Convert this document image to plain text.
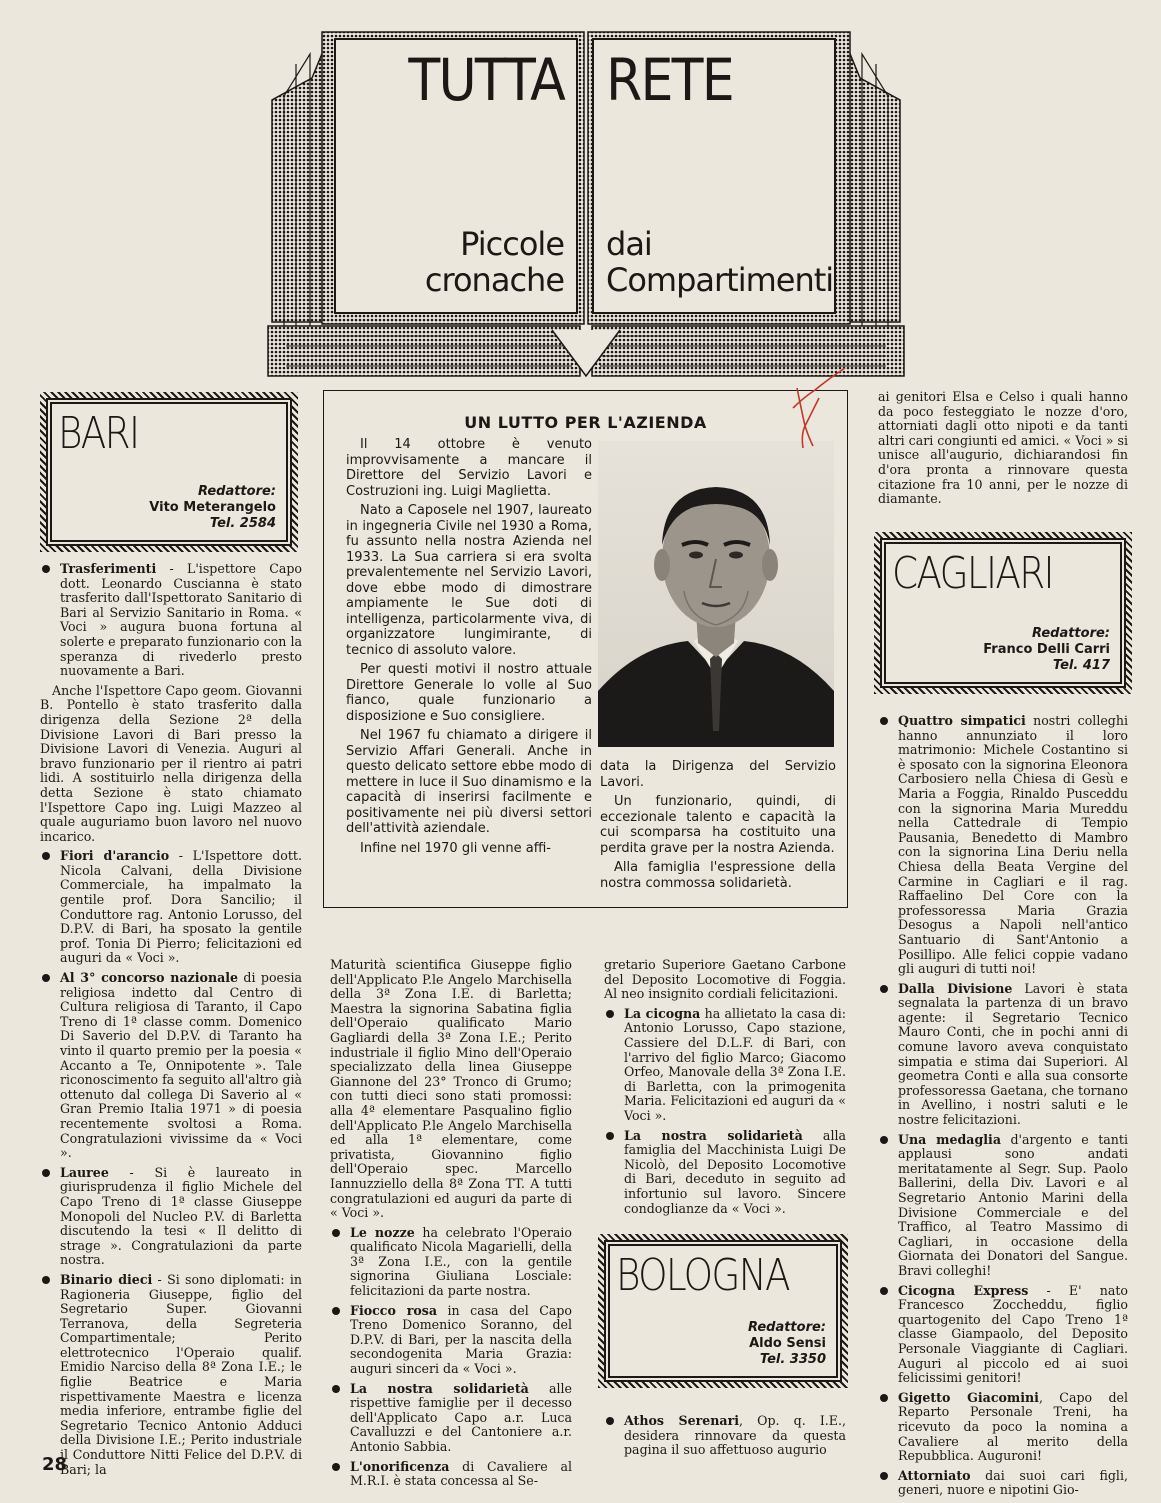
TUTTA
Piccole
cronache
RETE
dai
Compartimenti
BARI
Redattore:
Vito Meterangelo
Tel. 2584

Trasferimenti - L'ispettore Capo dott. Leonardo Cuscianna è stato trasferito dall'Ispettorato Sanitario di Bari al Servizio Sanitario in Roma. « Voci » augura buona fortuna al solerte e preparato funzionario con la speranza di rivederlo presto nuovamente a Bari.

Anche l'Ispettore Capo geom. Giovanni B. Pontello è stato trasferito dalla dirigenza della Sezione 2ª della Divisione Lavori di Bari presso la Divisione Lavori di Venezia. Auguri al bravo funzionario per il rientro ai patri lidi. A sostituirlo nella dirigenza della detta Sezione è stato chiamato l'Ispettore Capo ing. Luigi Mazzeo al quale auguriamo buon lavoro nel nuovo incarico.

Fiori d'arancio - L'Ispettore dott. Nicola Calvani, della Divisione Commerciale, ha impalmato la gentile prof. Dora Sancilio; il Conduttore rag. Antonio Lorusso, del D.P.V. di Bari, ha sposato la gentile prof. Tonia Di Pierro; felicitazioni ed auguri da « Voci ».

Al 3° concorso nazionale di poesia religiosa indetto dal Centro di Cultura religiosa di Taranto, il Capo Treno di 1ª classe comm. Domenico Di Saverio del D.P.V. di Taranto ha vinto il quarto premio per la poesia « Accanto a Te, Onnipotente ». Tale riconoscimento fa seguito all'altro già ottenuto dal collega Di Saverio al « Gran Premio Italia 1971 » di poesia recentemente svoltosi a Roma. Congratulazioni vivissime da « Voci ».

Lauree - Si è laureato in giurisprudenza il figlio Michele del Capo Treno di 1ª classe Giuseppe Monopoli del Nucleo P.V. di Barletta discutendo la tesi « Il delitto di strage ». Congratulazioni da parte nostra.

Binario dieci - Si sono diplomati: in Ragioneria Giuseppe, figlio del Segretario Super. Giovanni Terranova, della Segreteria Compartimentale; Perito elettrotecnico l'Operaio qualif. Emidio Narciso della 8ª Zona I.E.; le figlie Beatrice e Maria rispettivamente Maestra e licenza media inferiore, entrambe figlie del Segretario Tecnico Antonio Adduci della Divisione I.E.; Perito industriale il Conduttore Nitti Felice del D.P.V. di Bari; la

UN LUTTO PER L'AZIENDA

Il 14 ottobre è venuto improvvisamente a mancare il Direttore del Servizio Lavori e Costruzioni ing. Luigi Maglietta.

Nato a Caposele nel 1907, laureato in ingegneria Civile nel 1930 a Roma, fu assunto nella nostra Azienda nel 1933. La Sua carriera si era svolta prevalentemente nel Servizio Lavori, dove ebbe modo di dimostrare ampiamente le Sue doti di intelligenza, particolarmente viva, di organizzatore lungimirante, di tecnico di assoluto valore.

Per questi motivi il nostro attuale Direttore Generale lo volle al Suo fianco, quale funzionario a disposizione e Suo consigliere.

Nel 1967 fu chiamato a dirigere il Servizio Affari Generali. Anche in questo delicato settore ebbe modo di mettere in luce il Suo dinamismo e la capacità di inserirsi facilmente e positivamente nei più diversi settori dell'attività aziendale.

Infine nel 1970 gli venne affi-

data la Dirigenza del Servizio Lavori.

Un funzionario, quindi, di eccezionale talento e capacità la cui scomparsa ha costituito una perdita grave per la nostra Azienda.

Alla famiglia l'espressione della nostra commossa solidarietà.

Maturità scientifica Giuseppe figlio dell'Applicato P.le Angelo Marchisella della 3ª Zona I.E. di Barletta; Maestra la signorina Sabatina figlia dell'Operaio qualificato Mario Gagliardi della 3ª Zona I.E.; Perito industriale il figlio Mino dell'Operaio specializzato della linea Giuseppe Giannone del 23° Tronco di Grumo; con tutti dieci sono stati promossi: alla 4ª elementare Pasqualino figlio dell'Applicato P.le Angelo Marchisella ed alla 1ª elementare, come privatista, Giovannino figlio dell'Operaio spec. Marcello Iannuzziello della 8ª Zona TT. A tutti congratulazioni ed auguri da parte di « Voci ».

Le nozze ha celebrato l'Operaio qualificato Nicola Magarielli, della 3ª Zona I.E., con la gentile signorina Giuliana Losciale: felicitazioni da parte nostra.

Fiocco rosa in casa del Capo Treno Domenico Soranno, del D.P.V. di Bari, per la nascita della secondogenita Maria Grazia: auguri sinceri da « Voci ».

La nostra solidarietà alle rispettive famiglie per il decesso dell'Applicato Capo a.r. Luca Cavalluzzi e del Cantoniere a.r. Antonio Sabbia.

L'onorificenza di Cavaliere al M.R.I. è stata concessa al Se-

gretario Superiore Gaetano Carbone del Deposito Locomotive di Foggia. Al neo insignito cordiali felicitazioni.

La cicogna ha allietato la casa di: Antonio Lorusso, Capo stazione, Cassiere del D.L.F. di Bari, con l'arrivo del figlio Marco; Giacomo Orfeo, Manovale della 3ª Zona I.E. di Barletta, con la primogenita Maria. Felicitazioni ed auguri da « Voci ».

La nostra solidarietà alla famiglia del Macchinista Luigi De Nicolò, del Deposito Locomotive di Bari, deceduto in seguito ad infortunio sul lavoro. Sincere condoglianze da « Voci ».

BOLOGNA
Redattore:
Aldo Sensi
Tel. 3350

Athos Serenari, Op. q. I.E., desidera rinnovare da questa pagina il suo affettuoso augurio

ai genitori Elsa e Celso i quali hanno da poco festeggiato le nozze d'oro, attorniati dagli otto nipoti e da tanti altri cari congiunti ed amici. « Voci » si unisce all'augurio, dichiarandosi fin d'ora pronta a rinnovare questa citazione fra 10 anni, per le nozze di diamante.

CAGLIARI
Redattore:
Franco Delli Carri
Tel. 417

Quattro simpatici nostri colleghi hanno annunziato il loro matrimonio: Michele Costantino si è sposato con la signorina Eleonora Carbosiero nella Chiesa di Gesù e Maria a Foggia, Rinaldo Pusceddu con la signorina Maria Mureddu nella Cattedrale di Tempio Pausania, Benedetto di Mambro con la signorina Lina Deriu nella Chiesa della Beata Vergine del Carmine in Cagliari e il rag. Raffaelino Del Core con la professoressa Maria Grazia Desogus a Napoli nell'antico Santuario di Sant'Antonio a Posillipo. Alle felici coppie vadano gli auguri di tutti noi!

Dalla Divisione Lavori è stata segnalata la partenza di un bravo agente: il Segretario Tecnico Mauro Conti, che in pochi anni di comune lavoro aveva conquistato simpatia e stima dai Superiori. Al geometra Conti e alla sua consorte professoressa Gaetana, che tornano in Avellino, i nostri saluti e le nostre felicitazioni.

Una medaglia d'argento e tanti applausi sono andati meritatamente al Segr. Sup. Paolo Ballerini, della Div. Lavori e al Segretario Antonio Marini della Divisione Commerciale e del Traffico, al Teatro Massimo di Cagliari, in occasione della Giornata dei Donatori del Sangue. Bravi colleghi!

Cicogna Express - E' nato Francesco Zoccheddu, figlio quartogenito del Capo Treno 1ª classe Giampaolo, del Deposito Personale Viaggiante di Cagliari. Auguri al piccolo ed ai suoi felicissimi genitori!

Gigetto Giacomini, Capo del Reparto Personale Treni, ha ricevuto da poco la nomina a Cavaliere al merito della Repubblica. Auguroni!

Attorniato dai suoi cari figli, generi, nuore e nipotini Gio-

28
